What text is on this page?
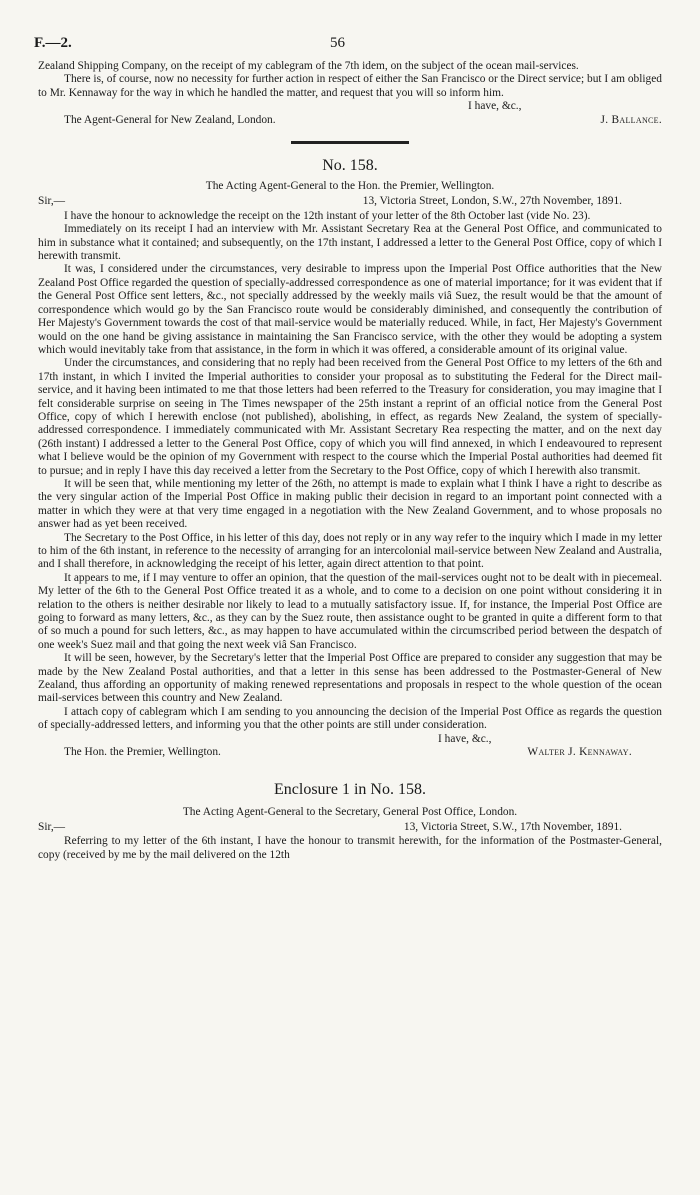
F.—2.	56

Zealand Shipping Company, on the receipt of my cablegram of the 7th idem, on the subject of the ocean mail-services.

There is, of course, now no necessity for further action in respect of either the San Francisco or the Direct service; but I am obliged to Mr. Kennaway for the way in which he handled the matter, and request that you will so inform him.

I have, &c.,
The Agent-General for New Zealand, London.	J. Ballance.
No. 158.
The Acting Agent-General to the Hon. the Premier, Wellington.
Sir,—	13, Victoria Street, London, S.W., 27th November, 1891.

I have the honour to acknowledge the receipt on the 12th instant of your letter of the 8th October last (vide No. 23).

Immediately on its receipt I had an interview with Mr. Assistant Secretary Rea at the General Post Office, and communicated to him in substance what it contained; and subsequently, on the 17th instant, I addressed a letter to the General Post Office, copy of which I herewith transmit.

It was, I considered under the circumstances, very desirable to impress upon the Imperial Post Office authorities that the New Zealand Post Office regarded the question of specially-addressed correspondence as one of material importance; for it was evident that if the General Post Office sent letters, &c., not specially addressed by the weekly mails viâ Suez, the result would be that the amount of correspondence which would go by the San Francisco route would be considerably diminished, and consequently the contribution of Her Majesty's Government towards the cost of that mail-service would be materially reduced. While, in fact, Her Majesty's Government would on the one hand be giving assistance in maintaining the San Francisco service, with the other they would be adopting a system which would inevitably take from that assistance, in the form in which it was offered, a considerable amount of its original value.

Under the circumstances, and considering that no reply had been received from the General Post Office to my letters of the 6th and 17th instant, in which I invited the Imperial authorities to consider your proposal as to substituting the Federal for the Direct mail-service, and it having been intimated to me that those letters had been referred to the Treasury for consideration, you may imagine that I felt considerable surprise on seeing in The Times newspaper of the 25th instant a reprint of an official notice from the General Post Office, copy of which I herewith enclose (not published), abolishing, in effect, as regards New Zealand, the system of specially-addressed correspondence. I immediately communicated with Mr. Assistant Secretary Rea respecting the matter, and on the next day (26th instant) I addressed a letter to the General Post Office, copy of which you will find annexed, in which I endeavoured to represent what I believe would be the opinion of my Government with respect to the course which the Imperial Postal authorities had deemed fit to pursue; and in reply I have this day received a letter from the Secretary to the Post Office, copy of which I herewith also transmit.

It will be seen that, while mentioning my letter of the 26th, no attempt is made to explain what I think I have a right to describe as the very singular action of the Imperial Post Office in making public their decision in regard to an important point connected with a matter in which they were at that very time engaged in a negotiation with the New Zealand Government, and to whose proposals no answer had as yet been received.

The Secretary to the Post Office, in his letter of this day, does not reply or in any way refer to the inquiry which I made in my letter to him of the 6th instant, in reference to the necessity of arranging for an intercolonial mail-service between New Zealand and Australia, and I shall therefore, in acknowledging the receipt of his letter, again direct attention to that point.

It appears to me, if I may venture to offer an opinion, that the question of the mail-services ought not to be dealt with in piecemeal. My letter of the 6th to the General Post Office treated it as a whole, and to come to a decision on one point without considering it in relation to the others is neither desirable nor likely to lead to a mutually satisfactory issue. If, for instance, the Imperial Post Office are going to forward as many letters, &c., as they can by the Suez route, then assistance ought to be granted in quite a different form to that of so much a pound for such letters, &c., as may happen to have accumulated within the circumscribed period between the despatch of one week's Suez mail and that going the next week viâ San Francisco.

It will be seen, however, by the Secretary's letter that the Imperial Post Office are prepared to consider any suggestion that may be made by the New Zealand Postal authorities, and that a letter in this sense has been addressed to the Postmaster-General of New Zealand, thus affording an opportunity of making renewed representations and proposals in respect to the whole question of the ocean mail-services between this country and New Zealand.

I attach copy of cablegram which I am sending to you announcing the decision of the Imperial Post Office as regards the question of specially-addressed letters, and informing you that the other points are still under consideration.

I have, &c.,
The Hon. the Premier, Wellington.	Walter J. Kennaway.
Enclosure 1 in No. 158.
The Acting Agent-General to the Secretary, General Post Office, London.
Sir,—	13, Victoria Street, S.W., 17th November, 1891.

Referring to my letter of the 6th instant, I have the honour to transmit herewith, for the information of the Postmaster-General, copy (received by me by the mail delivered on the 12th
